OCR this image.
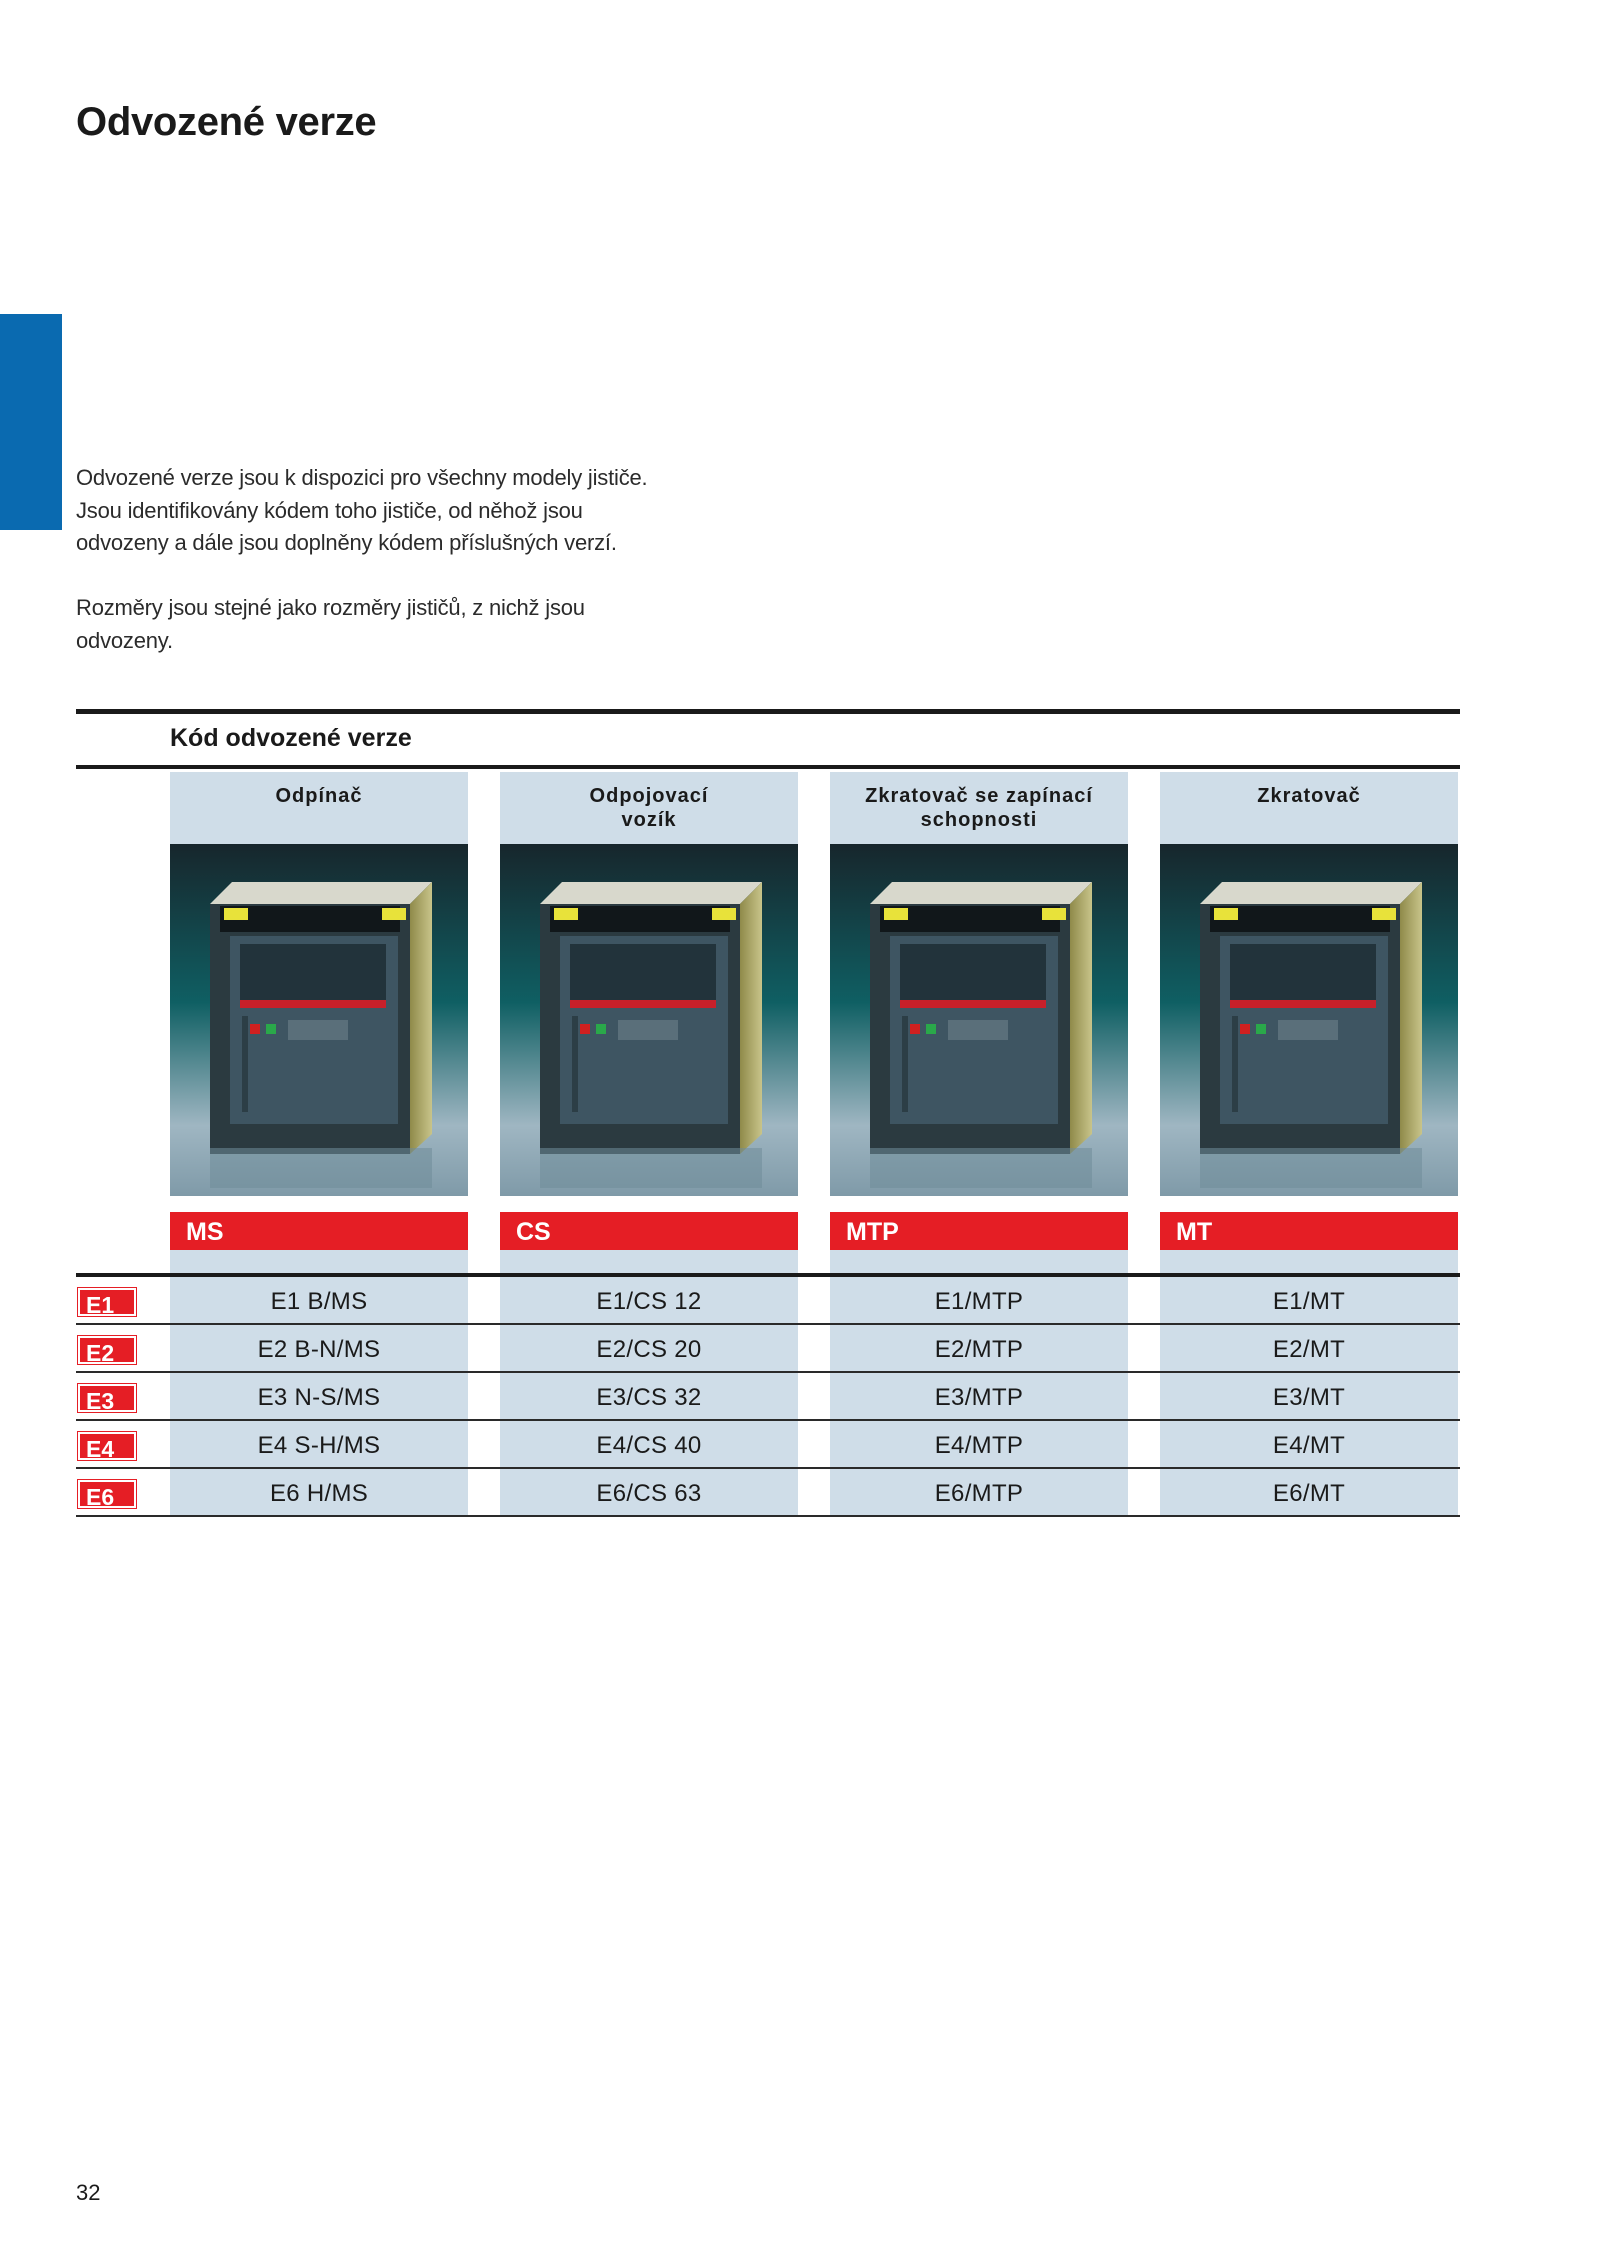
Odvozené verze

Odvozené verze jsou k dispozici pro všechny modely jističe. Jsou identifikovány kódem toho jističe, od něhož jsou odvozeny a dále jsou doplněny kódem příslušných verzí.

Rozměry jsou stejné jako rozměry jističů, z nichž jsou odvozeny.

Kód odvozené verze
Odpínač
MS
Odpojovací
vozík
CS
Zkratovač se zapínací
schopnosti
MTP
Zkratovač
MT
E1	E1 B/MS	E1/CS 12	E1/MTP	E1/MT
E2	E2 B-N/MS	E2/CS 20	E2/MTP	E2/MT
E3	E3 N-S/MS	E3/CS 32	E3/MTP	E3/MT
E4	E4 S-H/MS	E4/CS 40	E4/MTP	E4/MT
E6	E6 H/MS	E6/CS 63	E6/MTP	E6/MT
32
